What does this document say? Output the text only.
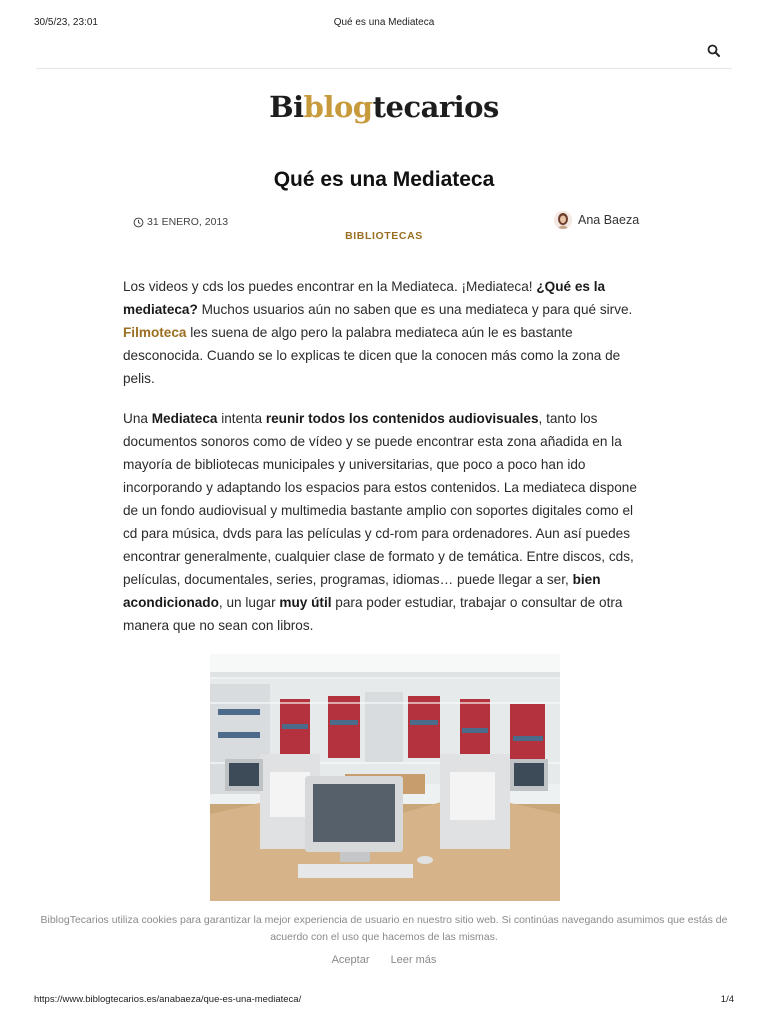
30/5/23, 23:01	Qué es una Mediateca
Biblogtecarios
Qué es una Mediateca
31 ENERO, 2013
BIBLIOTECAS
Ana Baeza

Los videos y cds los puedes encontrar en la Mediateca. ¡Mediateca! ¿Qué es la mediateca? Muchos usuarios aún no saben que es una mediateca y para qué sirve. Filmoteca les suena de algo pero la palabra mediateca aún le es bastante desconocida. Cuando se lo explicas te dicen que la conocen más como la zona de pelis.

Una Mediateca intenta reunir todos los contenidos audiovisuales, tanto los documentos sonoros como de vídeo y se puede encontrar esta zona añadida en la mayoría de bibliotecas municipales y universitarias, que poco a poco han ido incorporando y adaptando los espacios para estos contenidos. La mediateca dispone de un fondo audiovisual y multimedia bastante amplio con soportes digitales como el cd para música, dvds para las películas y cd-rom para ordenadores. Aun así puedes encontrar generalmente, cualquier clase de formato y de temática. Entre discos, cds, películas, documentales, series, programas, idiomas… puede llegar a ser, bien acondicionado, un lugar muy útil para poder estudiar, trabajar o consultar de otra manera que no sean con libros.

BiblogTecarios utiliza cookies para garantizar la mejor experiencia de usuario en nuestro sitio web. Si continúas navegando asumimos que estás de acuerdo con el uso que hacemos de las mismas.
Aceptar Leer más
https://www.biblogtecarios.es/anabaeza/que-es-una-mediateca/	1/4
